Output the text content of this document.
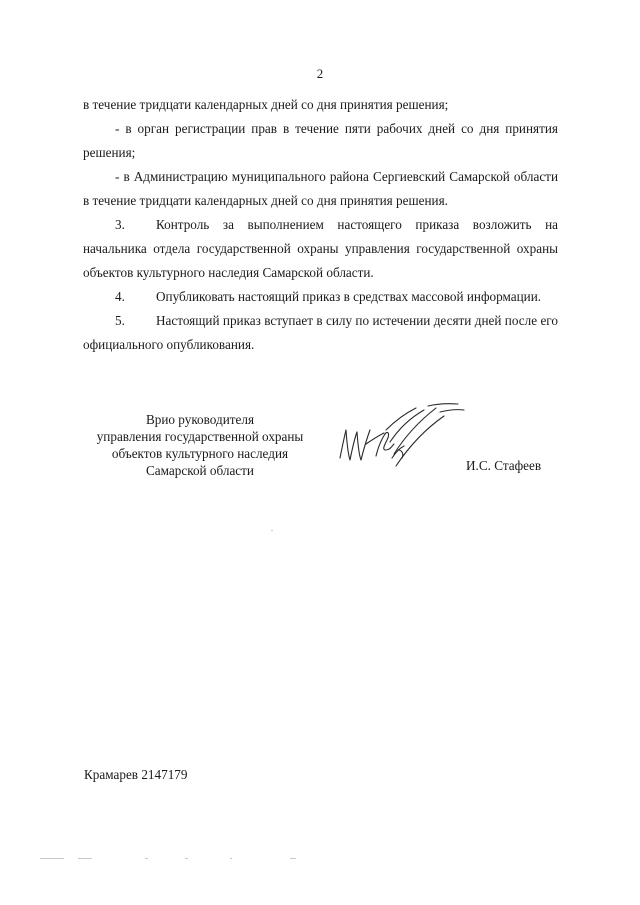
2

в течение тридцати календарных дней со дня принятия решения;

- в орган регистрации прав в течение пяти рабочих дней со дня принятия решения;

- в Администрацию муниципального района Сергиевский Самарской области в течение тридцати календарных дней со дня принятия решения.

3. Контроль за выполнением настоящего приказа возложить на начальника отдела государственной охраны управления государственной охраны объектов культурного наследия Самарской области.

4. Опубликовать настоящий приказ в средствах массовой информации.

5. Настоящий приказ вступает в силу по истечении десяти дней после его официального опубликования.

Врио руководителя
управления государственной охраны
объектов культурного наследия
Самарской области	И.С. Стафеев
Крамарев 2147179
